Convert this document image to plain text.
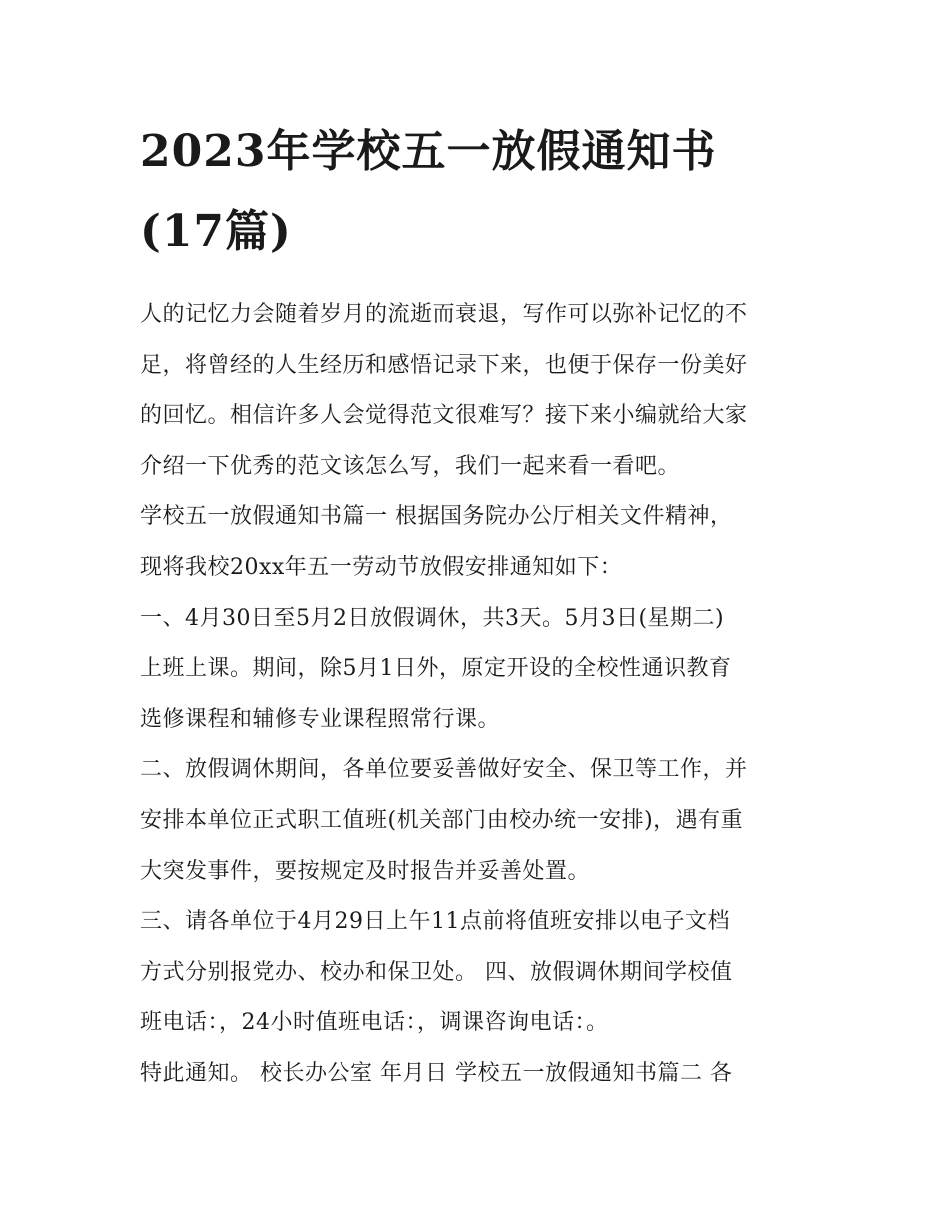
2023年学校五一放假通知书
(17篇)
人的记忆力会随着岁月的流逝而衰退，写作可以弥补记忆的不
足，将曾经的人生经历和感悟记录下来，也便于保存一份美好
的回忆。相信许多人会觉得范文很难写？接下来小编就给大家
介绍一下优秀的范文该怎么写，我们一起来看一看吧。
学校五一放假通知书篇一 根据国务院办公厅相关文件精神，
现将我校20xx年五一劳动节放假安排通知如下：
一、4月30日至5月2日放假调休，共3天。5月3日(星期二)
上班上课。期间，除5月1日外，原定开设的全校性通识教育
选修课程和辅修专业课程照常行课。
二、放假调休期间，各单位要妥善做好安全、保卫等工作，并
安排本单位正式职工值班(机关部门由校办统一安排)，遇有重
大突发事件，要按规定及时报告并妥善处置。
三、请各单位于4月29日上午11点前将值班安排以电子文档
方式分别报党办、校办和保卫处。 四、放假调休期间学校值
班电话：，24小时值班电话：，调课咨询电话：。
特此通知。 校长办公室 年月日 学校五一放假通知书篇二 各
